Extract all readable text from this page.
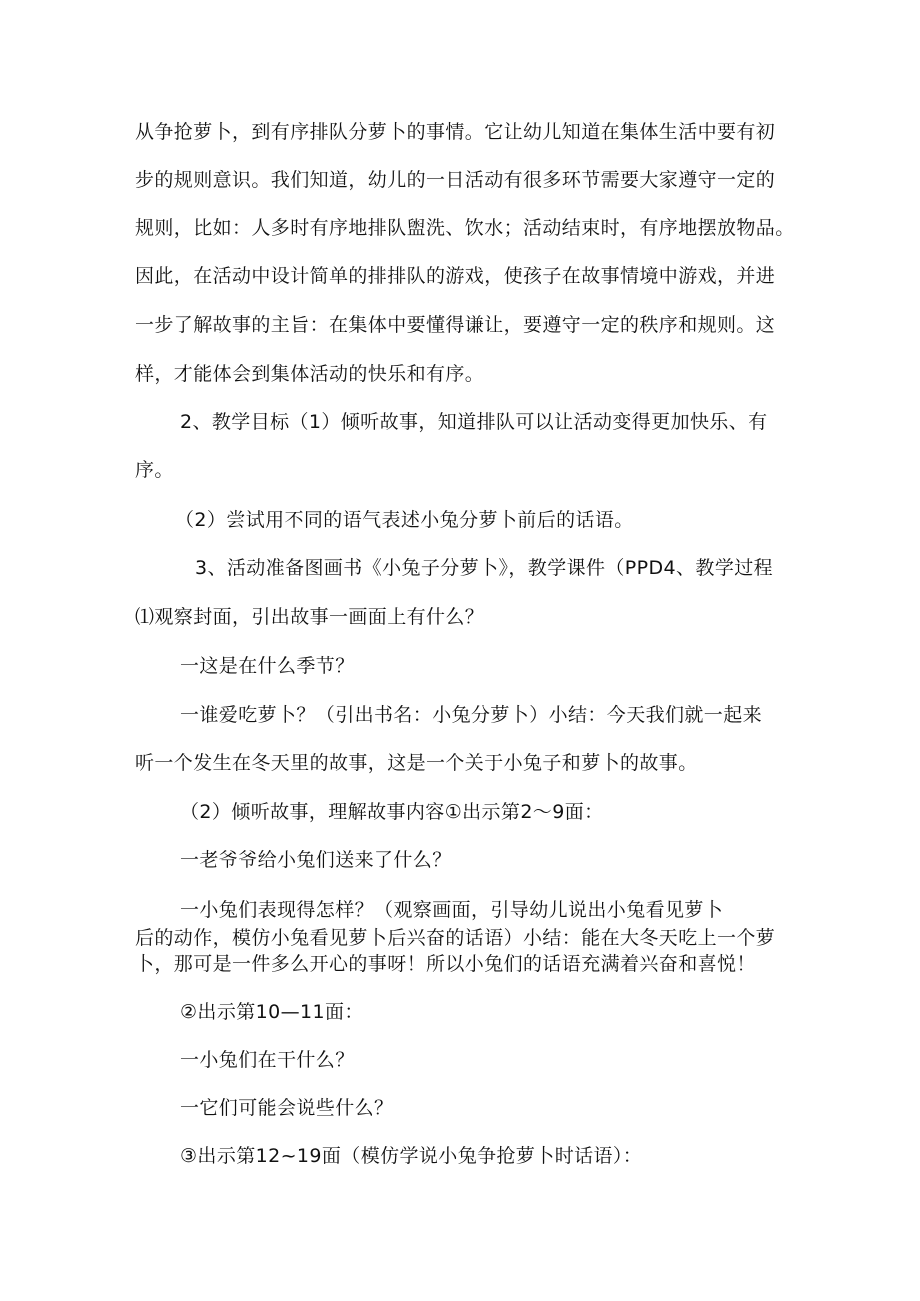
从争抢萝卜，到有序排队分萝卜的事情。它让幼儿知道在集体生活中要有初
步的规则意识。我们知道，幼儿的一日活动有很多环节需要大家遵守一定的
规则，比如：人多时有序地排队盥洗、饮水；活动结束时，有序地摆放物品。
因此，在活动中设计简单的排排队的游戏，使孩子在故事情境中游戏，并进
一步了解故事的主旨：在集体中要懂得谦让，要遵守一定的秩序和规则。这
样，才能体会到集体活动的快乐和有序。
2、教学目标（1）倾听故事，知道排队可以让活动变得更加快乐、有
序。
（2）尝试用不同的语气表述小兔分萝卜前后的话语。
3、活动准备图画书《小兔子分萝卜》，教学课件（PPD4、教学过程
⑴观察封面，引出故事一画面上有什么？
一这是在什么季节？
一谁爱吃萝卜？（引出书名：小兔分萝卜）小结：今天我们就一起来
听一个发生在冬天里的故事，这是一个关于小兔子和萝卜的故事。
（2）倾听故事，理解故事内容①出示第2～9面：
一老爷爷给小兔们送来了什么？
一小兔们表现得怎样？（观察画面，引导幼儿说出小兔看见萝卜
后的动作，模仿小兔看见萝卜后兴奋的话语）小结：能在大冬天吃上一个萝
卜，那可是一件多么开心的事呀！所以小兔们的话语充满着兴奋和喜悦！
②出示第10—11面：
一小兔们在干什么？
一它们可能会说些什么？
③出示第12~19面（模仿学说小兔争抢萝卜时话语）：
